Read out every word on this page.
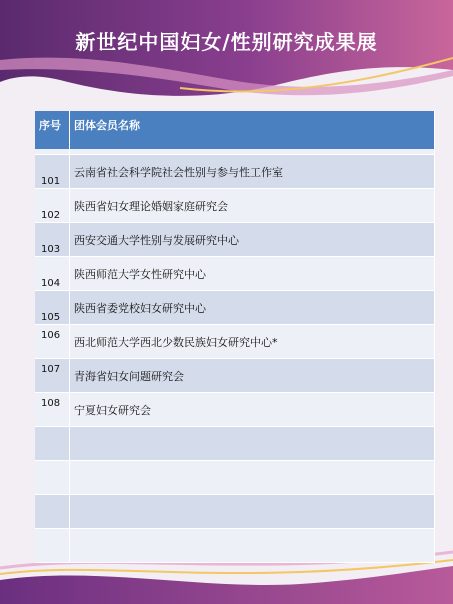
新世纪中国妇女/性别研究成果展
序号	团体会员名称

101	云南省社会科学院社会性别与参与性工作室
102	陕西省妇女理论婚姻家庭研究会
103	西安交通大学性别与发展研究中心
104	陕西师范大学女性研究中心
105	陕西省委党校妇女研究中心
106	西北师范大学西北少数民族妇女研究中心*
107	青海省妇女问题研究会
108	宁夏妇女研究会
